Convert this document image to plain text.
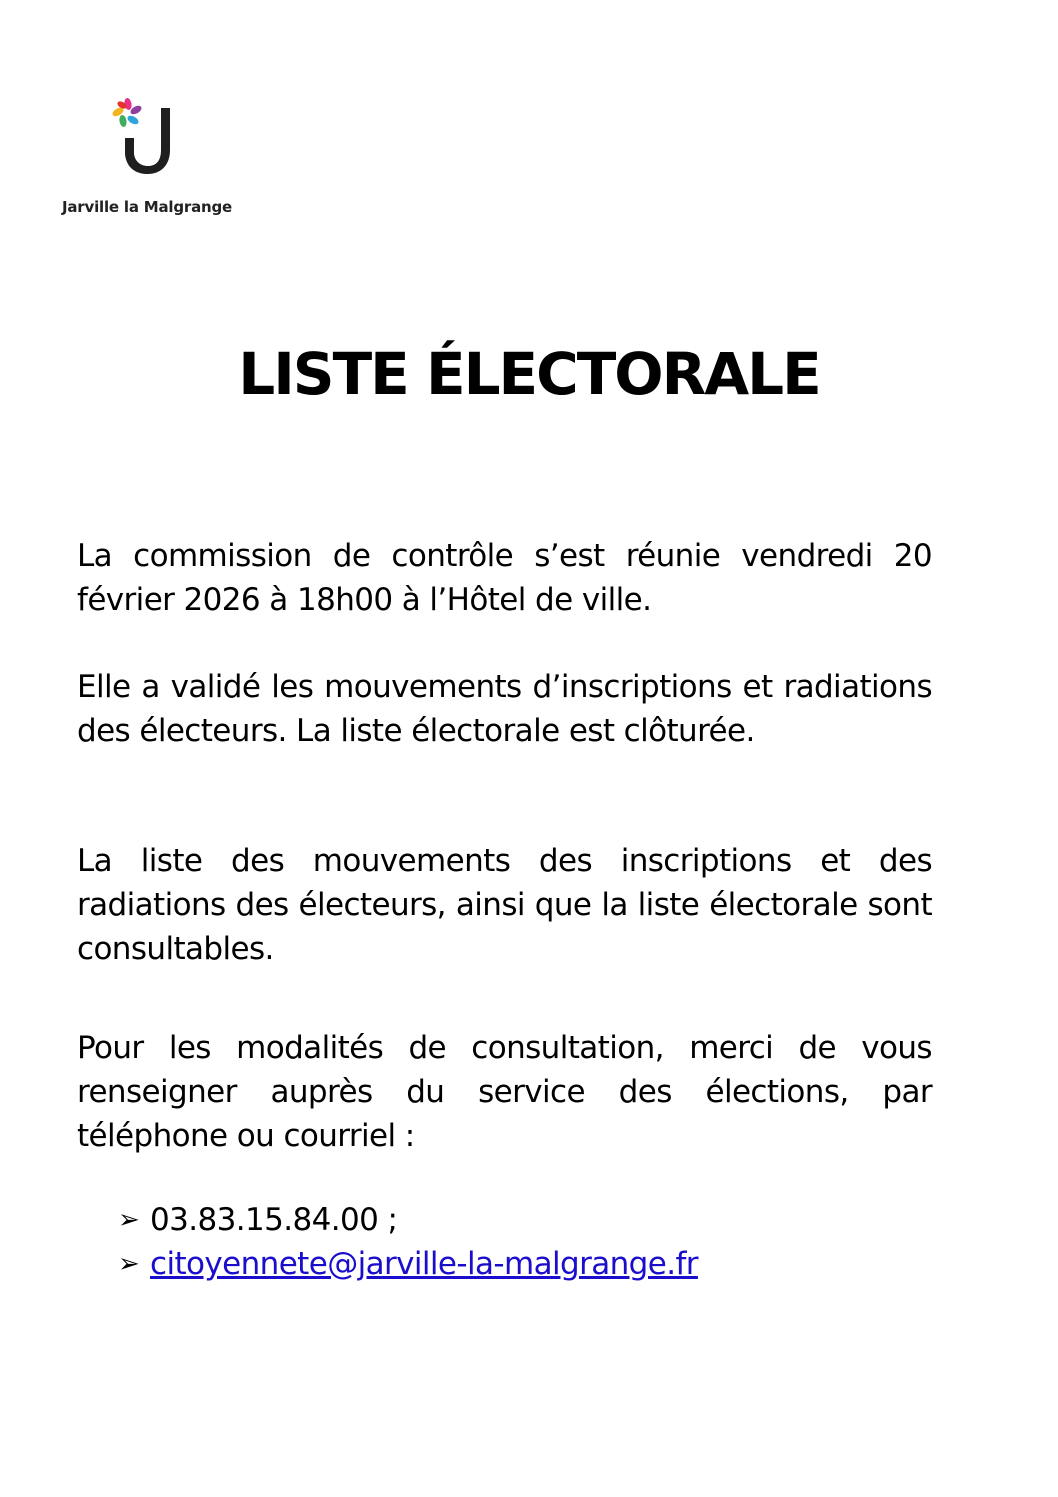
Jarville la Malgrange
LISTE ÉLECTORALE

La commission de contrôle s’est réunie vendredi 20 février 2026 à 18h00 à l’Hôtel de ville.

Elle a validé les mouvements d’inscriptions et radiations des électeurs. La liste électorale est clôturée.

La liste des mouvements des inscriptions et des radiations des électeurs, ainsi que la liste électorale sont consultables.

Pour les modalités de consultation, merci de vous renseigner auprès du service des élections, par téléphone ou courriel :

➢ 03.83.15.84.00 ;
➢ citoyennete@jarville-la-malgrange.fr
